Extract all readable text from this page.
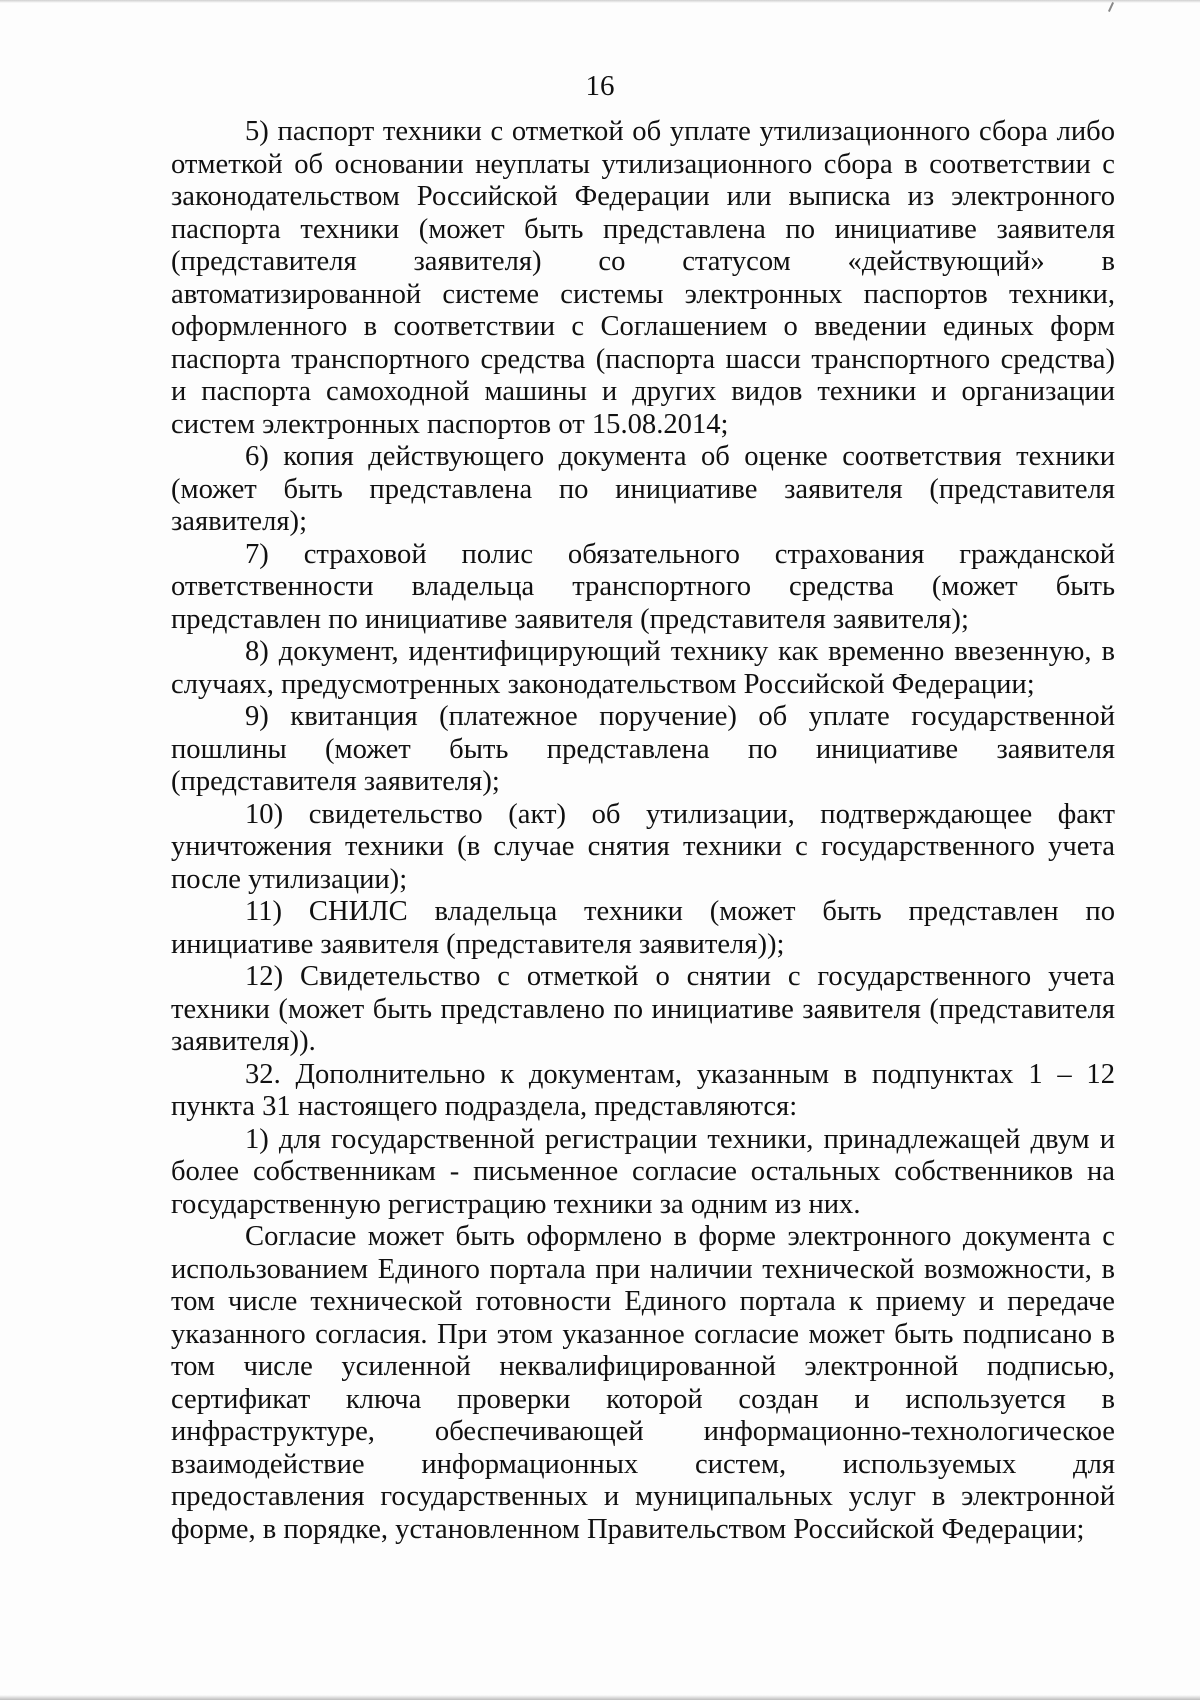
16

5) паспорт техники с отметкой об уплате утилизационного сбора либо отметкой об основании неуплаты утилизационного сбора в соответствии с законодательством Российской Федерации или выписка из электронного паспорта техники (может быть представлена по инициативе заявителя (представителя заявителя) со статусом «действующий» в автоматизированной системе системы электронных паспортов техники, оформленного в соответствии с Соглашением о введении единых форм паспорта транспортного средства (паспорта шасси транспортного средства) и паспорта самоходной машины и других видов техники и организации систем электронных паспортов от 15.08.2014;

6) копия действующего документа об оценке соответствия техники (может быть представлена по инициативе заявителя (представителя заявителя);

7) страховой полис обязательного страхования гражданской ответственности владельца транспортного средства (может быть представлен по инициативе заявителя (представителя заявителя);

8) документ, идентифицирующий технику как временно ввезенную, в случаях, предусмотренных законодательством Российской Федерации;

9) квитанция (платежное поручение) об уплате государственной пошлины (может быть представлена по инициативе заявителя (представителя заявителя);

10) свидетельство (акт) об утилизации, подтверждающее факт уничтожения техники (в случае снятия техники с государственного учета после утилизации);

11) СНИЛС владельца техники (может быть представлен по инициативе заявителя (представителя заявителя));

12) Свидетельство с отметкой о снятии с государственного учета техники (может быть представлено по инициативе заявителя (представителя заявителя)).

32. Дополнительно к документам, указанным в подпунктах 1 – 12 пункта 31 настоящего подраздела, представляются:

1) для государственной регистрации техники, принадлежащей двум и более собственникам - письменное согласие остальных собственников на государственную регистрацию техники за одним из них.

Согласие может быть оформлено в форме электронного документа с использованием Единого портала при наличии технической возможности, в том числе технической готовности Единого портала к приему и передаче указанного согласия. При этом указанное согласие может быть подписано в том числе усиленной неквалифицированной электронной подписью, сертификат ключа проверки которой создан и используется в инфраструктуре, обеспечивающей информационно-технологическое взаимодействие информационных систем, используемых для предоставления государственных и муниципальных услуг в электронной форме, в порядке, установленном Правительством Российской Федерации;
